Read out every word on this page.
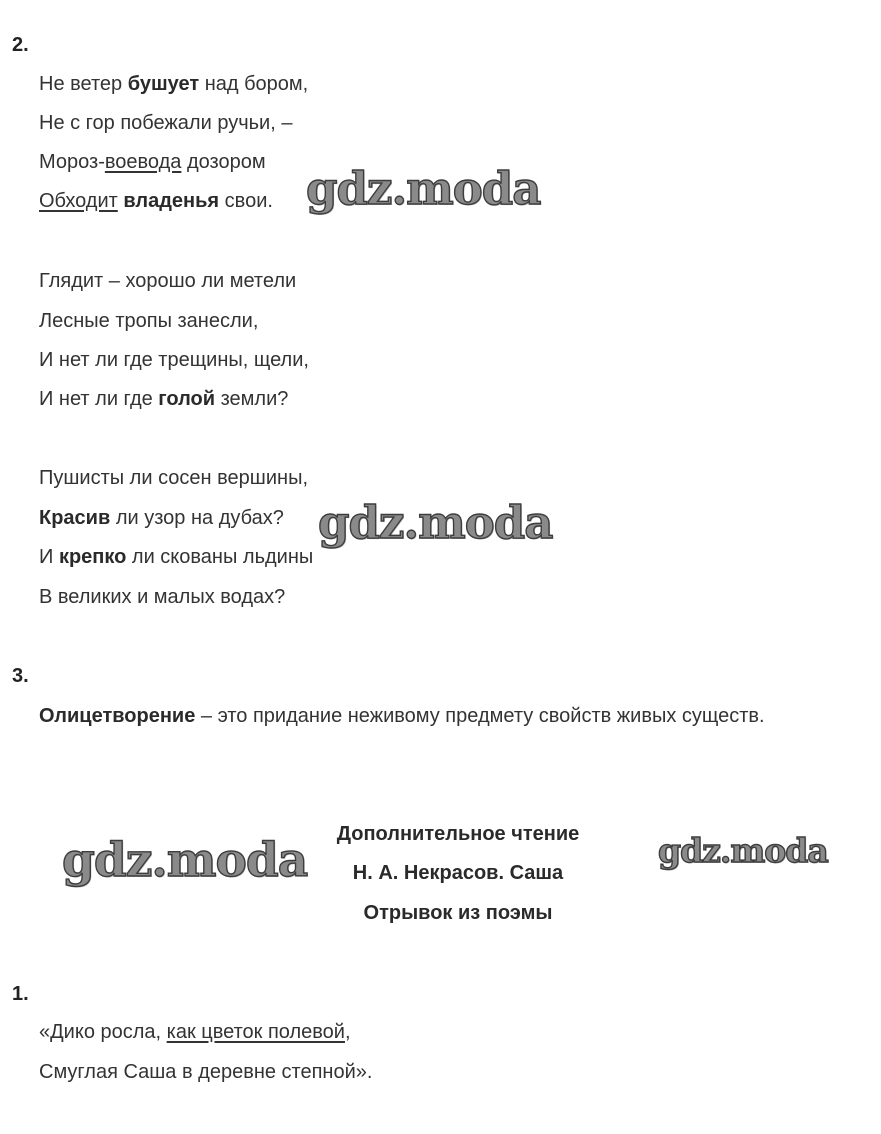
2.
Не ветер бушует над бором,
Не с гор побежали ручьи, –
Мороз-воевода дозором
Обходит владенья свои.
Глядит – хорошо ли метели
Лесные тропы занесли,
И нет ли где трещины, щели,
И нет ли где голой земли?
Пушисты ли сосен вершины,
Красив ли узор на дубах?
И крепко ли скованы льдины
В великих и малых водах?
3.
Олицетворение – это придание неживому предмету свойств живых существ.
Дополнительное чтение
Н. А. Некрасов. Саша
Отрывок из поэмы
1.
«Дико росла, как цветок полевой,
Смуглая Саша в деревне степной».
gdz.moda
gdz.moda
gdz.moda	gdz.moda
